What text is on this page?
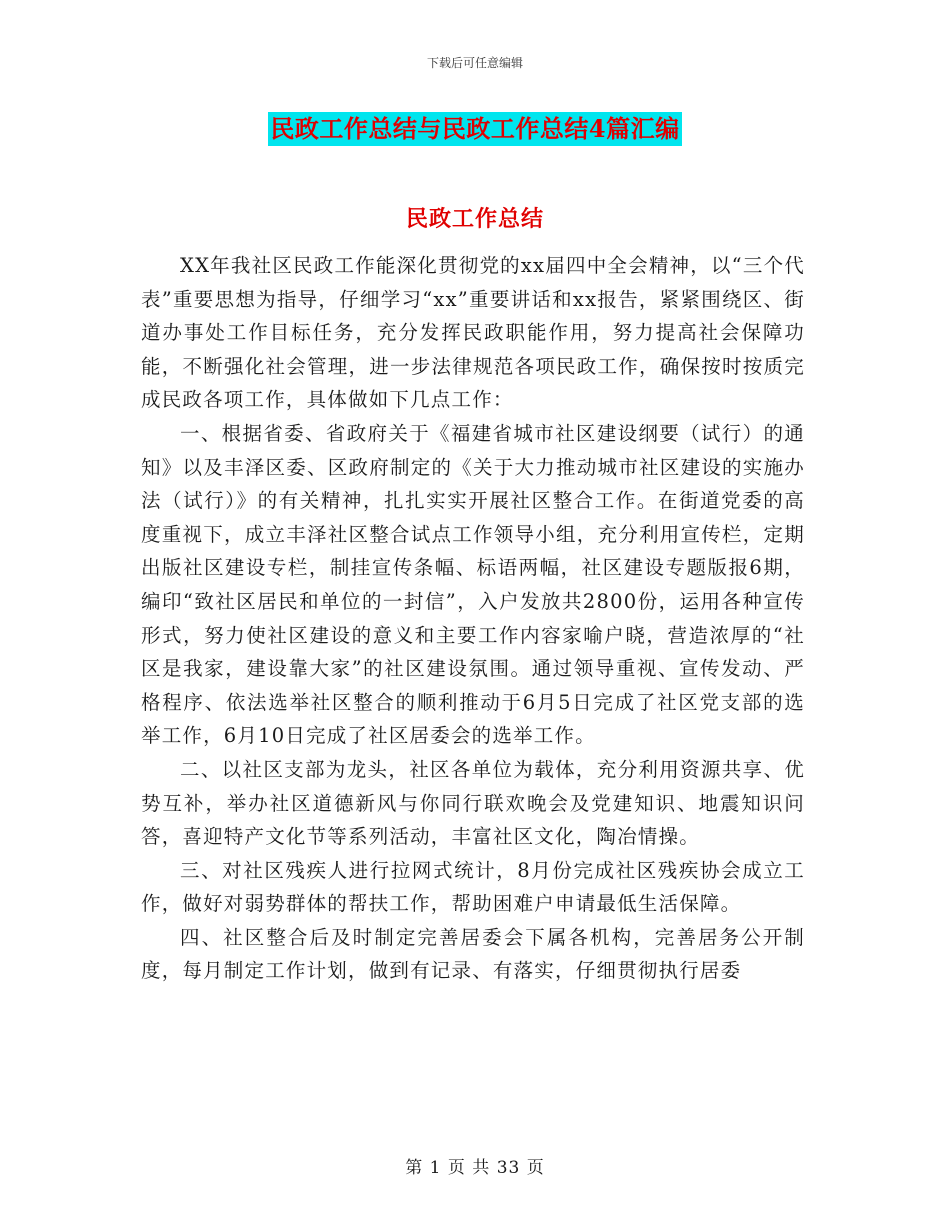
下载后可任意编辑
民政工作总结与民政工作总结4篇汇编
民政工作总结

XX年我社区民政工作能深化贯彻党的xx届四中全会精神，以“三个代表”重要思想为指导，仔细学习“xx”重要讲话和xx报告，紧紧围绕区、街道办事处工作目标任务，充分发挥民政职能作用，努力提高社会保障功能，不断强化社会管理，进一步法律规范各项民政工作，确保按时按质完成民政各项工作，具体做如下几点工作：

一、根据省委、省政府关于《福建省城市社区建设纲要（试行）的通知》以及丰泽区委、区政府制定的《关于大力推动城市社区建设的实施办法（试行）》的有关精神，扎扎实实开展社区整合工作。在街道党委的高度重视下，成立丰泽社区整合试点工作领导小组，充分利用宣传栏，定期出版社区建设专栏，制挂宣传条幅、标语两幅，社区建设专题版报6期，编印“致社区居民和单位的一封信”，入户发放共2800份，运用各种宣传形式，努力使社区建设的意义和主要工作内容家喻户晓，营造浓厚的“社区是我家，建设靠大家”的社区建设氛围。通过领导重视、宣传发动、严格程序、依法选举社区整合的顺利推动于6月5日完成了社区党支部的选举工作，6月10日完成了社区居委会的选举工作。

二、以社区支部为龙头，社区各单位为载体，充分利用资源共享、优势互补，举办社区道德新风与你同行联欢晚会及党建知识、地震知识问答，喜迎特产文化节等系列活动，丰富社区文化，陶冶情操。

三、对社区残疾人进行拉网式统计，8月份完成社区残疾协会成立工作，做好对弱势群体的帮扶工作，帮助困难户申请最低生活保障。

四、社区整合后及时制定完善居委会下属各机构，完善居务公开制度，每月制定工作计划，做到有记录、有落实，仔细贯彻执行居委

第 1 页 共 33 页
